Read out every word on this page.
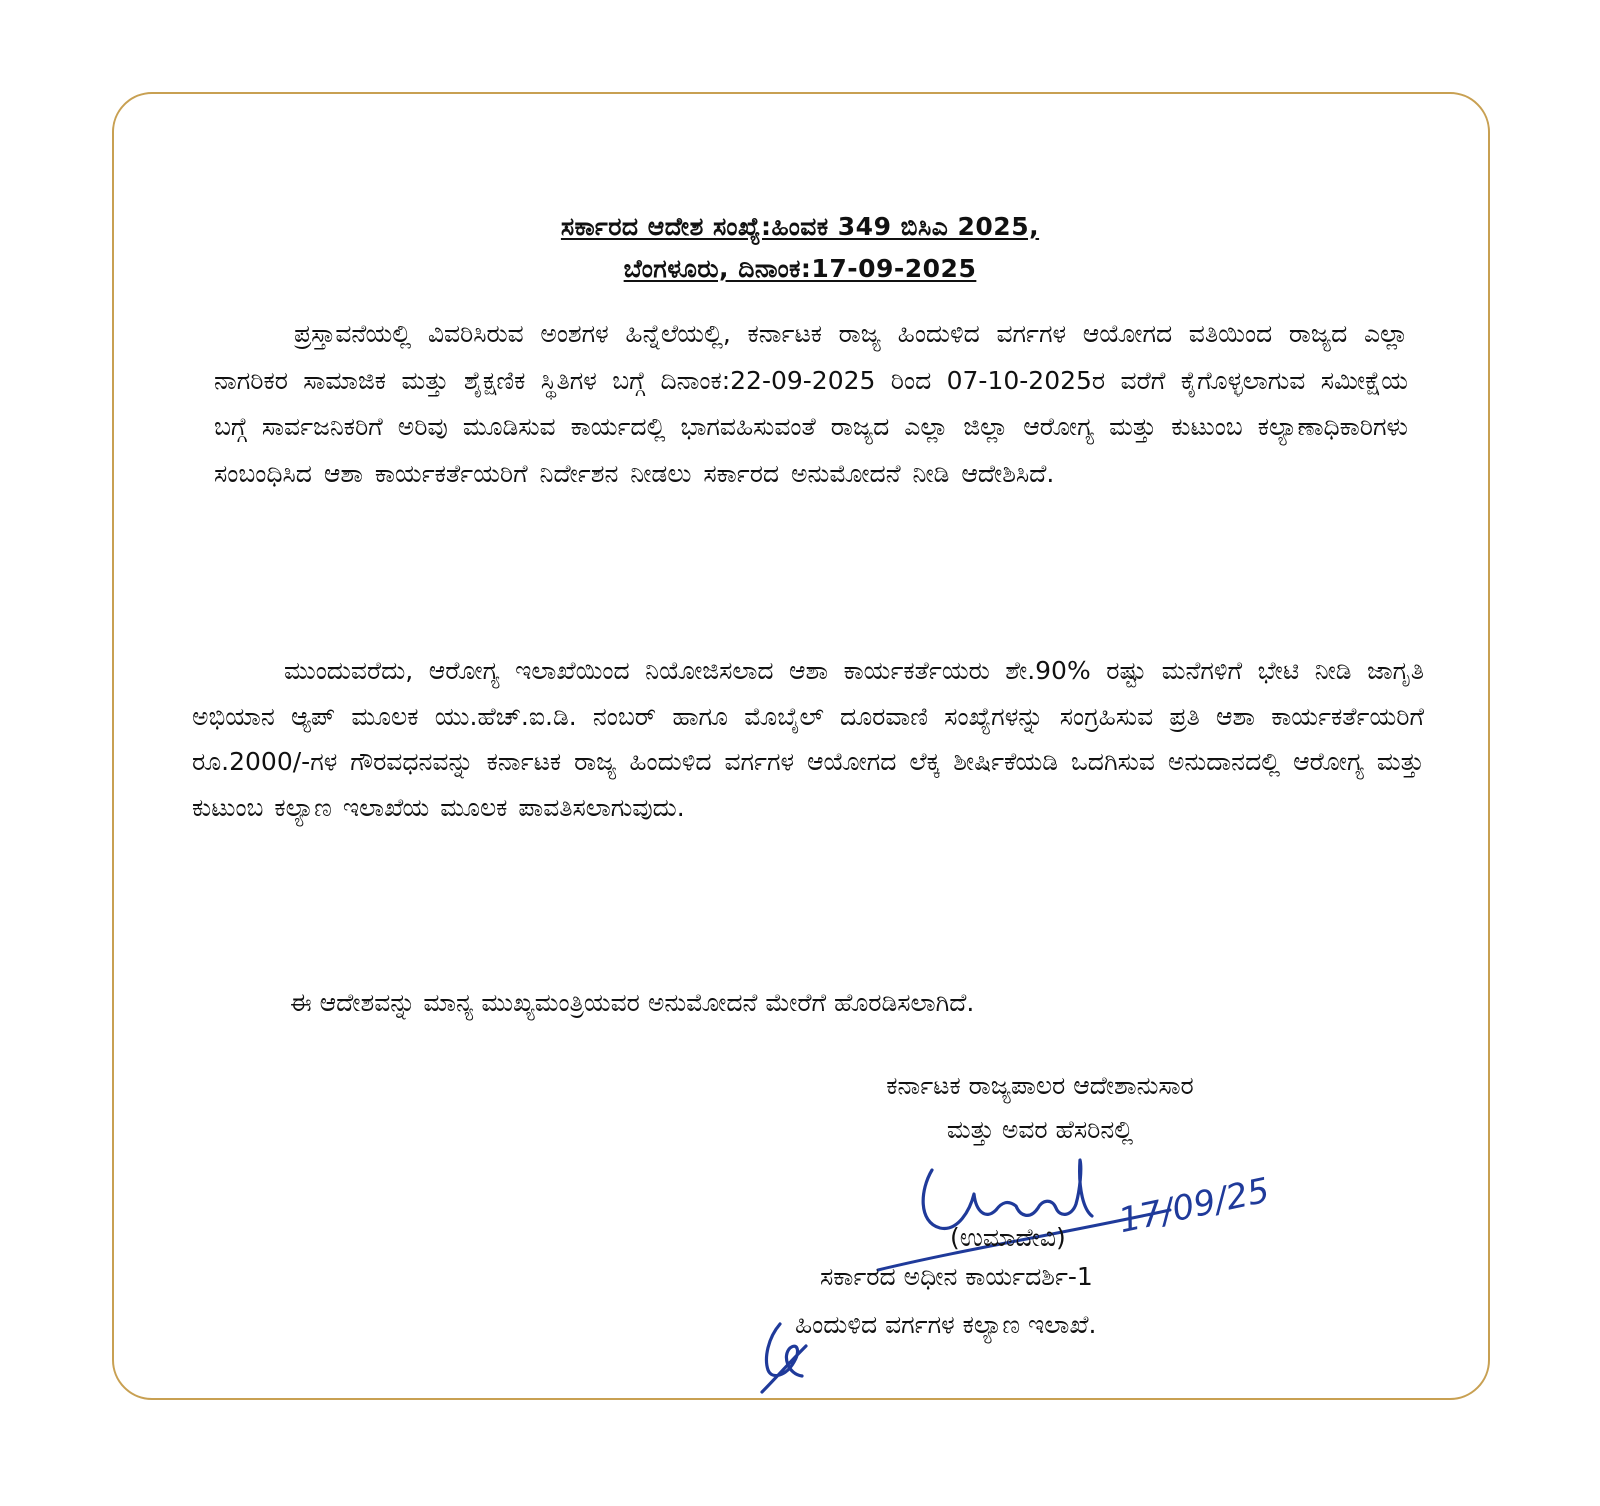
ಸರ್ಕಾರದ ಆದೇಶ ಸಂಖ್ಯೆ:ಹಿಂವಕ 349 ಬಿಸಿಎ 2025,
ಬೆಂಗಳೂರು, ದಿನಾಂಕ:17-09-2025

ಪ್ರಸ್ತಾವನೆಯಲ್ಲಿ ವಿವರಿಸಿರುವ ಅಂಶಗಳ ಹಿನ್ನೆಲೆಯಲ್ಲಿ, ಕರ್ನಾಟಕ ರಾಜ್ಯ ಹಿಂದುಳಿದ ವರ್ಗಗಳ ಆಯೋಗದ ವತಿಯಿಂದ ರಾಜ್ಯದ ಎಲ್ಲಾ ನಾಗರಿಕರ ಸಾಮಾಜಿಕ ಮತ್ತು ಶೈಕ್ಷಣಿಕ ಸ್ಥಿತಿಗಳ ಬಗ್ಗೆ ದಿನಾಂಕ:22-09-2025 ರಿಂದ 07-10-2025ರ ವರೆಗೆ ಕೈಗೊಳ್ಳಲಾಗುವ ಸಮೀಕ್ಷೆಯ ಬಗ್ಗೆ ಸಾರ್ವಜನಿಕರಿಗೆ ಅರಿವು ಮೂಡಿಸುವ ಕಾರ್ಯದಲ್ಲಿ ಭಾಗವಹಿಸುವಂತೆ ರಾಜ್ಯದ ಎಲ್ಲಾ ಜಿಲ್ಲಾ ಆರೋಗ್ಯ ಮತ್ತು ಕುಟುಂಬ ಕಲ್ಯಾಣಾಧಿಕಾರಿಗಳು ಸಂಬಂಧಿಸಿದ ಆಶಾ ಕಾರ್ಯಕರ್ತೆಯರಿಗೆ ನಿರ್ದೇಶನ ನೀಡಲು ಸರ್ಕಾರದ ಅನುಮೋದನೆ ನೀಡಿ ಆದೇಶಿಸಿದೆ.

ಮುಂದುವರೆದು, ಆರೋಗ್ಯ ಇಲಾಖೆಯಿಂದ ನಿಯೋಜಿಸಲಾದ ಆಶಾ ಕಾರ್ಯಕರ್ತೆಯರು ಶೇ.90% ರಷ್ಟು ಮನೆಗಳಿಗೆ ಭೇಟಿ ನೀಡಿ ಜಾಗೃತಿ ಅಭಿಯಾನ ಆ್ಯಪ್ ಮೂಲಕ ಯು.ಹೆಚ್.ಐ.ಡಿ. ನಂಬರ್ ಹಾಗೂ ಮೊಬೈಲ್ ದೂರವಾಣಿ ಸಂಖ್ಯೆಗಳನ್ನು ಸಂಗ್ರಹಿಸುವ ಪ್ರತಿ ಆಶಾ ಕಾರ್ಯಕರ್ತೆಯರಿಗೆ ರೂ.2000/-ಗಳ ಗೌರವಧನವನ್ನು ಕರ್ನಾಟಕ ರಾಜ್ಯ ಹಿಂದುಳಿದ ವರ್ಗಗಳ ಆಯೋಗದ ಲೆಕ್ಕ ಶೀರ್ಷಿಕೆಯಡಿ ಒದಗಿಸುವ ಅನುದಾನದಲ್ಲಿ ಆರೋಗ್ಯ ಮತ್ತು ಕುಟುಂಬ ಕಲ್ಯಾಣ ಇಲಾಖೆಯ ಮೂಲಕ ಪಾವತಿಸಲಾಗುವುದು.

ಈ ಆದೇಶವನ್ನು ಮಾನ್ಯ ಮುಖ್ಯಮಂತ್ರಿಯವರ ಅನುಮೋದನೆ ಮೇರೆಗೆ ಹೊರಡಿಸಲಾಗಿದೆ.

ಕರ್ನಾಟಕ ರಾಜ್ಯಪಾಲರ ಆದೇಶಾನುಸಾರ
ಮತ್ತು ಅವರ ಹೆಸರಿನಲ್ಲಿ
17/09/25
(ಉಮಾದೇವಿ)
ಸರ್ಕಾರದ ಅಧೀನ ಕಾರ್ಯದರ್ಶಿ-1
ಹಿಂದುಳಿದ ವರ್ಗಗಳ ಕಲ್ಯಾಣ ಇಲಾಖೆ.
